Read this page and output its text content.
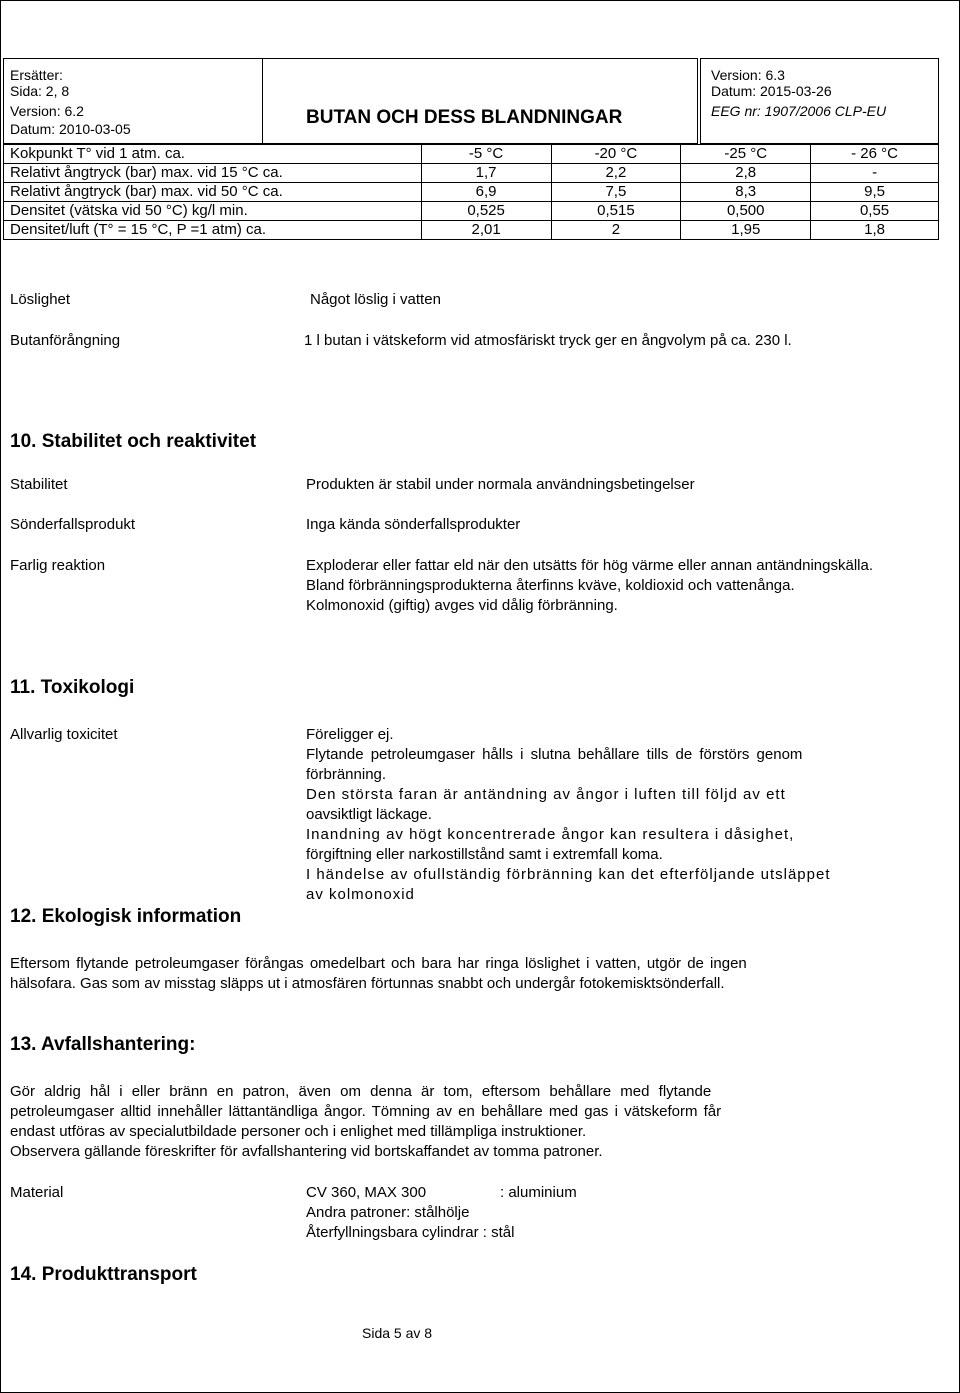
Ersätter:
Sida: 2, 8
Version: 6.2
Datum: 2010-03-05
BUTAN OCH DESS BLANDNINGAR
Version: 6.3
Datum: 2015-03-26
EEG nr: 1907/2006 CLP-EU
Kokpunkt T° vid 1 atm. ca.	-5 °C	-20 °C	-25 °C	- 26 °C
Relativt ångtryck (bar) max. vid 15 °C ca.	1,7	2,2	2,8	-
Relativt ångtryck (bar) max. vid 50 °C ca.	6,9	7,5	8,3	9,5
Densitet (vätska vid 50 °C) kg/l min.	0,525	0,515	0,500	0,55
Densitet/luft (T° = 15 °C, P =1 atm) ca.	2,01	2	1,95	1,8
Löslighet	Något löslig i vatten
Butanförångning	1 l butan i vätskeform vid atmosfäriskt tryck ger en ångvolym på ca. 230 l.
10. Stabilitet och reaktivitet
Stabilitet	Produkten är stabil under normala användningsbetingelser
Sönderfallsprodukt	Inga kända sönderfallsprodukter
Farlig reaktion	Exploderar eller fattar eld när den utsätts för hög värme eller annan antändningskälla.
Bland förbränningsprodukterna återfinns kväve, koldioxid och vattenånga.
Kolmonoxid (giftig) avges vid dålig förbränning.
11. Toxikologi
Allvarlig toxicitet	Föreligger ej.
Flytande petroleumgaser hålls i slutna behållare tills de förstörs genom
förbränning.
Den största faran är antändning av ångor i luften till följd av ett
oavsiktligt läckage.
Inandning av högt koncentrerade ångor kan resultera i dåsighet,
förgiftning eller narkostillstånd samt i extremfall koma.
I händelse av ofullständig förbränning kan det efterföljande utsläppet
av kolmonoxid
12. Ekologisk information
Eftersom flytande petroleumgaser förångas omedelbart och bara har ringa löslighet i vatten, utgör de ingen
hälsofara. Gas som av misstag släpps ut i atmosfären förtunnas snabbt och undergår fotokemisktsönderfall.
13. Avfallshantering:
Gör aldrig hål i eller bränn en patron, även om denna är tom, eftersom behållare med flytande
petroleumgaser alltid innehåller lättantändliga ångor. Tömning av en behållare med gas i vätskeform får
endast utföras av specialutbildade personer och i enlighet med tillämpliga instruktioner.
Observera gällande föreskrifter för avfallshantering vid bortskaffandet av tomma patroner.
Material	CV 360, MAX 300	: aluminium
Andra patroner: stålhölje
Återfyllningsbara cylindrar : stål
14. Produkttransport
Sida 5 av 8
